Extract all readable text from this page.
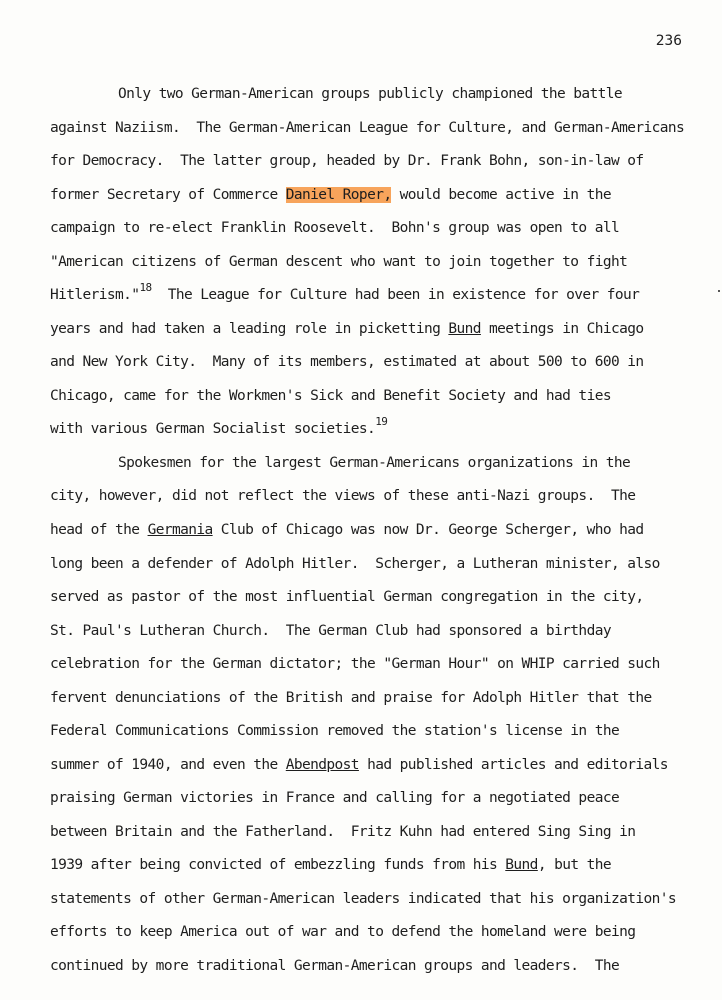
236
Only two German-American groups publicly championed the battle
against Naziism.  The German-American League for Culture, and German-Americans
for Democracy.  The latter group, headed by Dr. Frank Bohn, son-in-law of
former Secretary of Commerce Daniel Roper, would become active in the
campaign to re-elect Franklin Roosevelt.  Bohn's group was open to all
"American citizens of German descent who want to join together to fight
Hitlerism."$^{18}$  The League for Culture had been in existence for over four
years and had taken a leading role in picketting Bund meetings in Chicago
and New York City.  Many of its members, estimated at about 500 to 600 in
Chicago, came for the Workmen's Sick and Benefit Society and had ties
with various German Socialist societies.$^{19}$
Spokesmen for the largest German-Americans organizations in the
city, however, did not reflect the views of these anti-Nazi groups.  The
head of the Germania Club of Chicago was now Dr. George Scherger, who had
long been a defender of Adolph Hitler.  Scherger, a Lutheran minister, also
served as pastor of the most influential German congregation in the city,
St. Paul's Lutheran Church.  The German Club had sponsored a birthday
celebration for the German dictator; the "German Hour" on WHIP carried such
fervent denunciations of the British and praise for Adolph Hitler that the
Federal Communications Commission removed the station's license in the
summer of 1940, and even the Abendpost had published articles and editorials
praising German victories in France and calling for a negotiated peace
between Britain and the Fatherland.  Fritz Kuhn had entered Sing Sing in
1939 after being convicted of embezzling funds from his Bund, but the
statements of other German-American leaders indicated that his organization's
efforts to keep America out of war and to defend the homeland were being
continued by more traditional German-American groups and leaders.  The
